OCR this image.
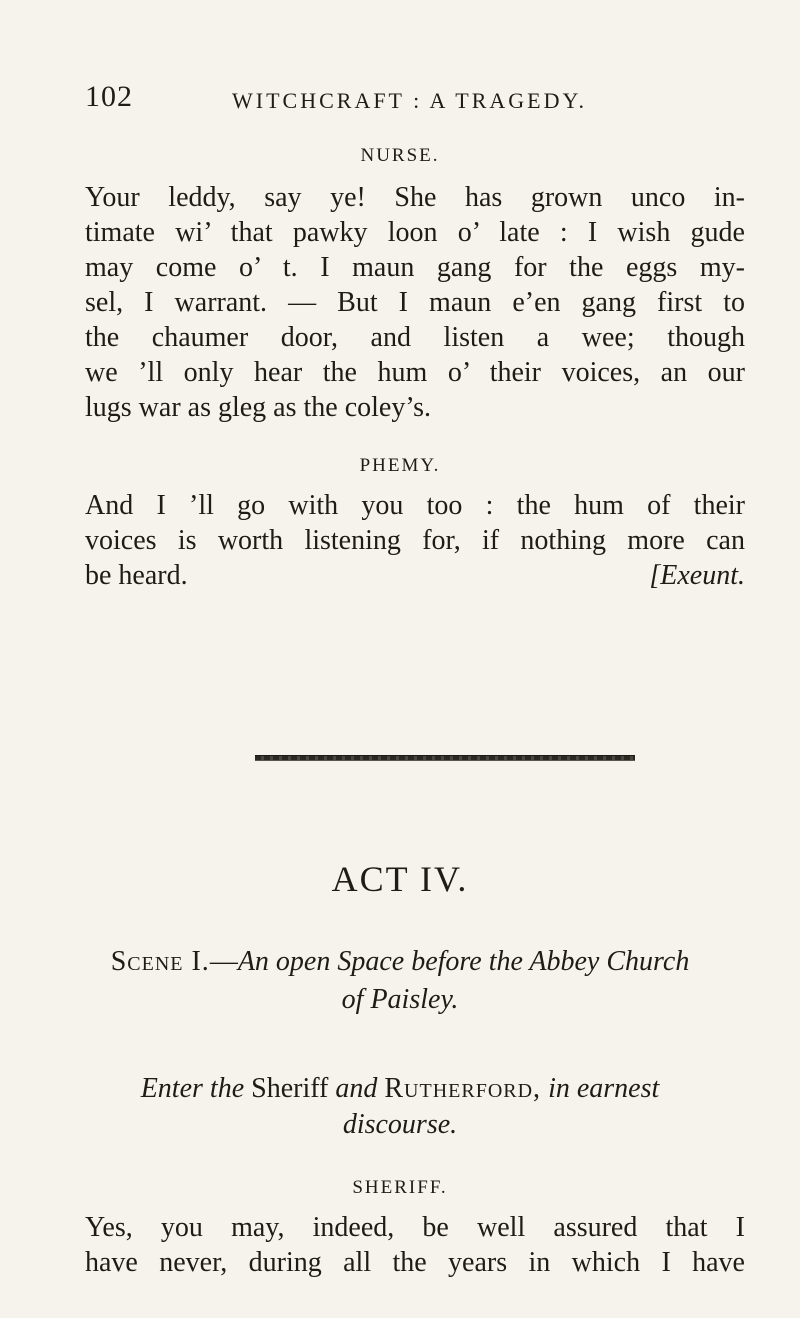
102	WITCHCRAFT : A TRAGEDY.
NURSE.
Your leddy, say ye! She has grown unco in-
timate wi’ that pawky loon o’ late : I wish gude
may come o’ t. I maun gang for the eggs my-
sel, I warrant. — But I maun e’en gang first to
the chaumer door, and listen a wee; though
we ’ll only hear the hum o’ their voices, an our
lugs war as gleg as the coley’s.
PHEMY.
And I ’ll go with you too : the hum of their
voices is worth listening for, if nothing more can
be heard.	[Exeunt.
ACT IV.
Scene I.—An open Space before the Abbey Church
of Paisley.
Enter the Sheriff and Rutherford, in earnest
discourse.
SHERIFF.
Yes, you may, indeed, be well assured that I
have never, during all the years in which I have
